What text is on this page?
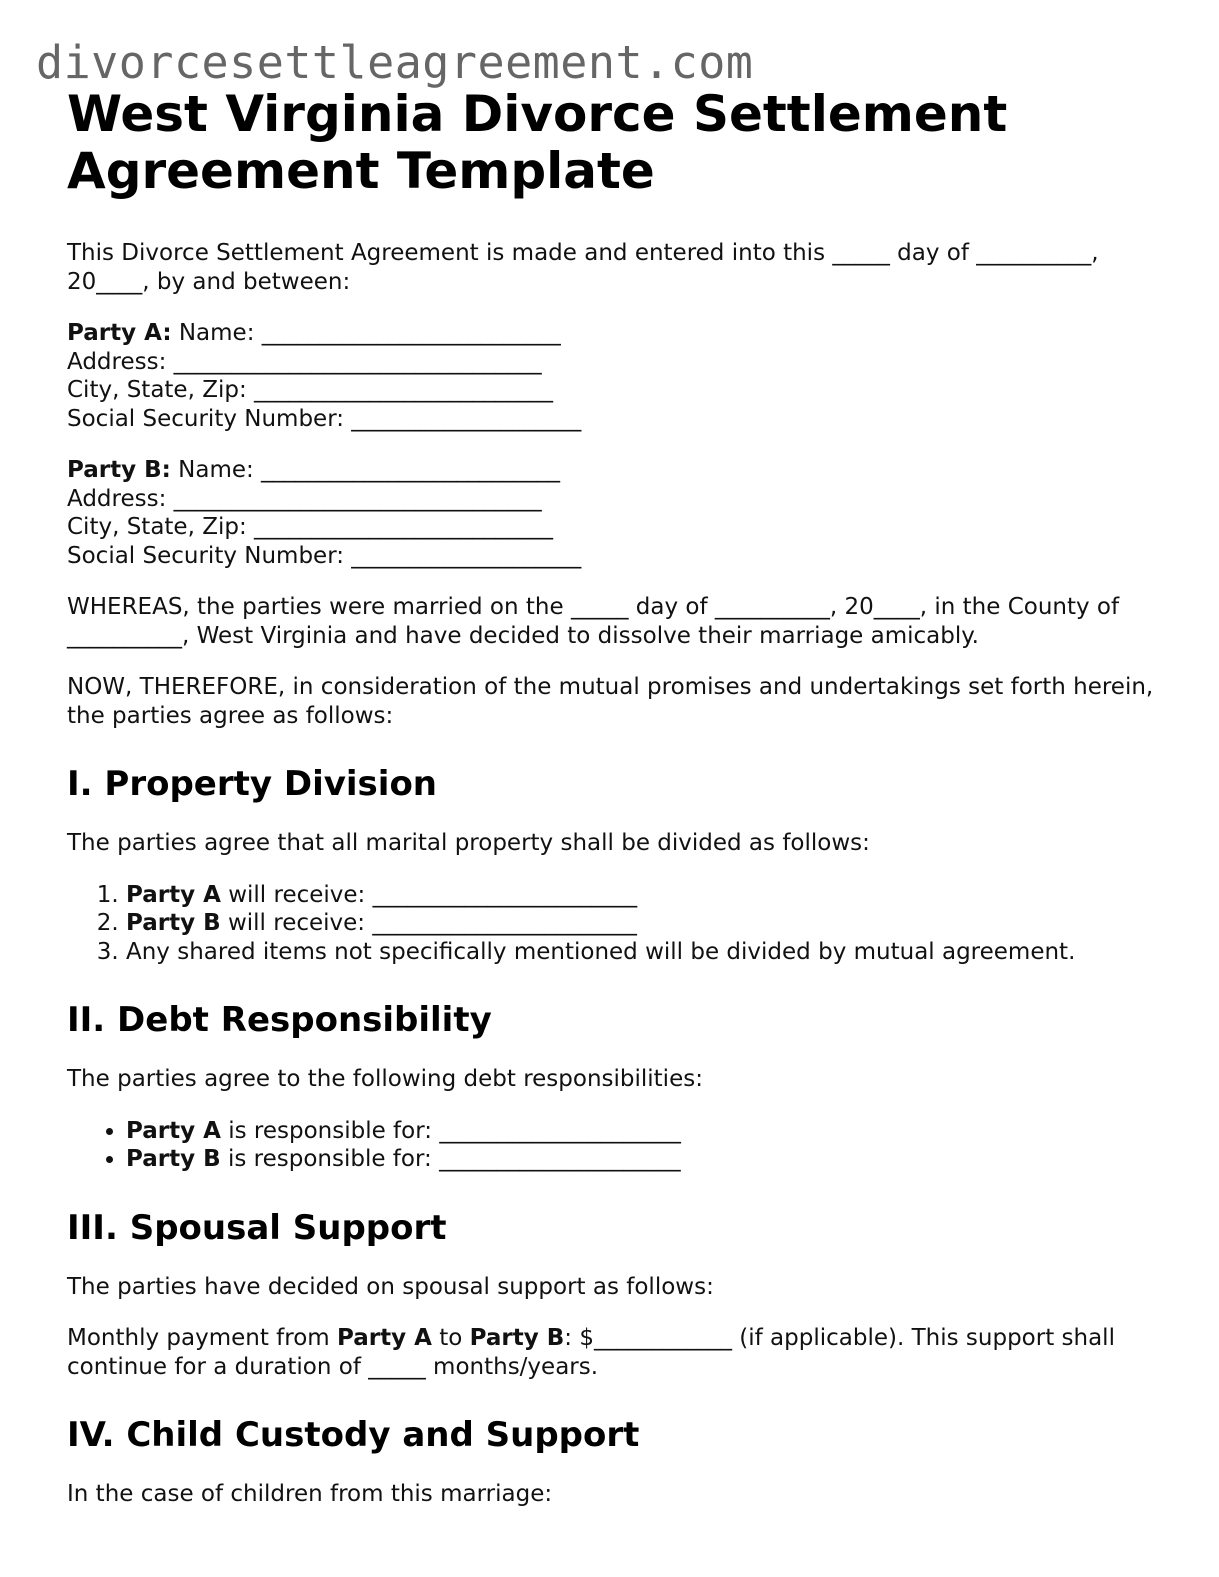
divorcesettleagreement.com
West Virginia Divorce Settlement Agreement Template

This Divorce Settlement Agreement is made and entered into this _____ day of __________, 20____, by and between:

Party A: Name: __________________________

Address: ________________________________

City, State, Zip: __________________________

Social Security Number: ____________________

Party B: Name: __________________________

Address: ________________________________

City, State, Zip: __________________________

Social Security Number: ____________________

WHEREAS, the parties were married on the _____ day of __________, 20____, in the County of __________, West Virginia and have decided to dissolve their marriage amicably.

NOW, THEREFORE, in consideration of the mutual promises and undertakings set forth herein, the parties agree as follows:

I. Property Division

The parties agree that all marital property shall be divided as follows:

1. Party A will receive: _______________________
2. Party B will receive: _______________________
3. Any shared items not specifically mentioned will be divided by mutual agreement.
II. Debt Responsibility

The parties agree to the following debt responsibilities:

• Party A is responsible for: _____________________
• Party B is responsible for: _____________________
III. Spousal Support

The parties have decided on spousal support as follows:

Monthly payment from Party A to Party B: $____________ (if applicable). This support shall continue for a duration of _____ months/years.

IV. Child Custody and Support

In the case of children from this marriage:
